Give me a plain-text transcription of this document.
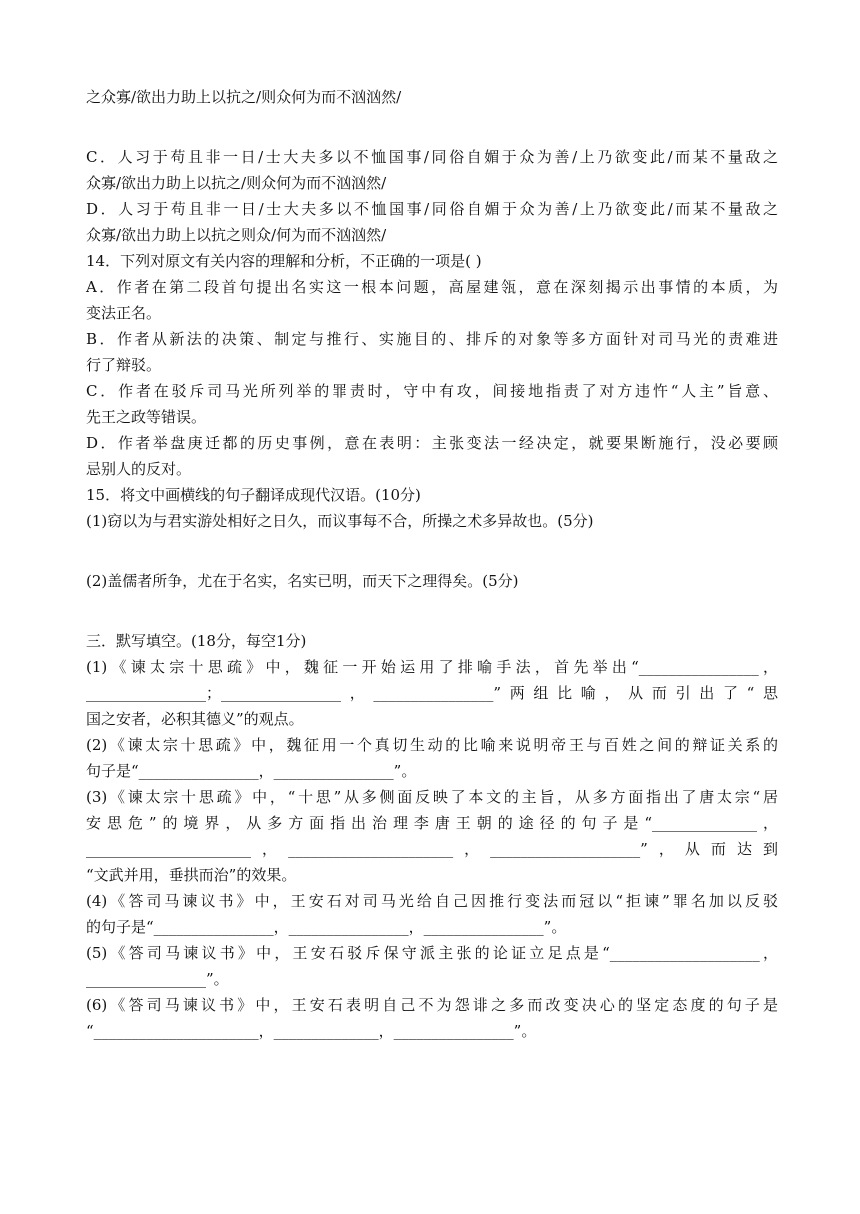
之众寡/欲出力助上以抗之/则众何为而不汹汹然/
C．人习于苟且非一日/士大夫多以不恤国事/同俗自媚于众为善/上乃欲变此/而某不量敌之
众寡/欲出力助上以抗之/则众何为而不汹汹然/
D．人习于苟且非一日/士大夫多以不恤国事/同俗自媚于众为善/上乃欲变此/而某不量敌之
众寡/欲出力助上以抗之则众/何为而不汹汹然/
14．下列对原文有关内容的理解和分析，不正确的一项是( )
A．作者在第二段首句提出名实这一根本问题，高屋建瓴，意在深刻揭示出事情的本质，为
变法正名。
B．作者从新法的决策、制定与推行、实施目的、排斥的对象等多方面针对司马光的责难进
行了辩驳。
C．作者在驳斥司马光所列举的罪责时，守中有攻，间接地指责了对方违忤“人主”旨意、
先王之政等错误。
D．作者举盘庚迁都的历史事例，意在表明：主张变法一经决定，就要果断施行，没必要顾
忌别人的反对。
15．将文中画横线的句子翻译成现代汉语。(10分)
(1)窃以为与君实游处相好之日久，而议事每不合，所操之术多异故也。(5分)
(2)盖儒者所争，尤在于名实，名实已明，而天下之理得矣。(5分)
三．默写填空。(18分，每空1分)
(1)《谏太宗十思疏》中，魏征一开始运用了排喻手法，首先举出“________________，
________________；________________，________________”两组比喻，从而引出了“思
国之安者，必积其德义”的观点。
(2)《谏太宗十思疏》中，魏征用一个真切生动的比喻来说明帝王与百姓之间的辩证关系的
句子是“________________，________________”。
(3)《谏太宗十思疏》中，“十思”从多侧面反映了本文的主旨，从多方面指出了唐太宗“居
安思危”的境界，从多方面指出治理李唐王朝的途径的句子是“______________，
______________________，______________________，____________________”，从而达到
“文武并用，垂拱而治”的效果。
(4)《答司马谏议书》中，王安石对司马光给自己因推行变法而冠以“拒谏”罪名加以反驳
的句子是“________________，________________，________________”。
(5)《答司马谏议书》中，王安石驳斥保守派主张的论证立足点是“____________________，
________________”。
(6)《答司马谏议书》中，王安石表明自己不为怨诽之多而改变决心的坚定态度的句子是
“______________________，______________，________________”。
